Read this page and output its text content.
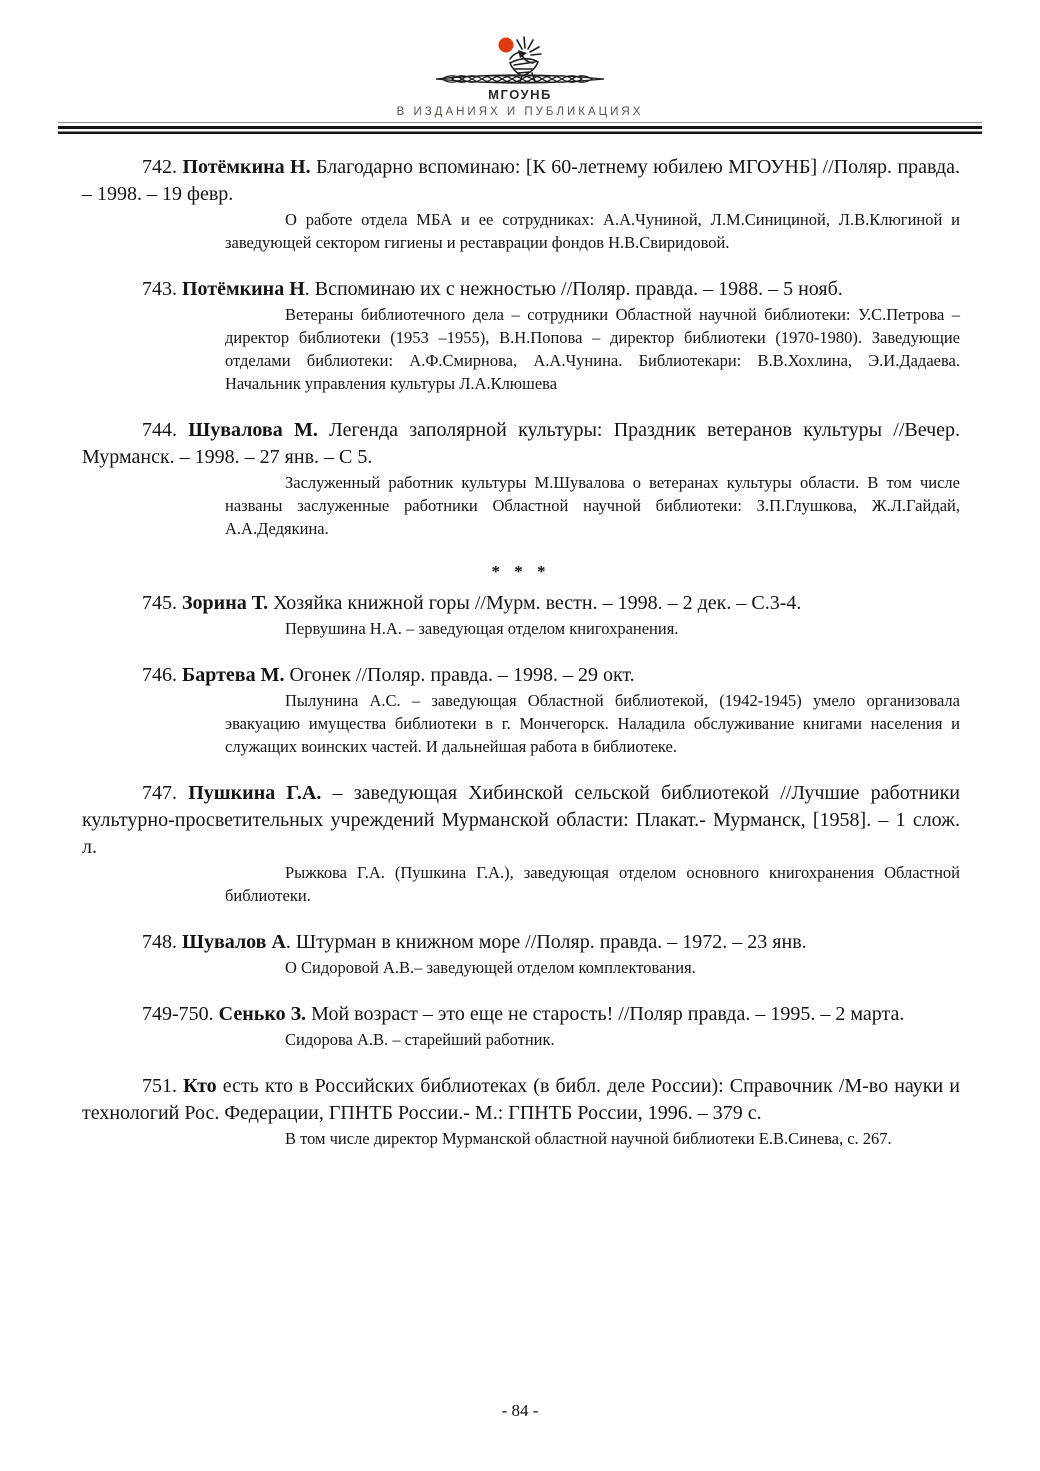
МГОУНБ
В ИЗДАНИЯХ И ПУБЛИКАЦИЯХ

742. Потёмкина Н. Благодарно вспоминаю: [К 60-летнему юбилею МГОУНБ] //Поляр. правда. – 1998. – 19 февр.

О работе отдела МБА и ее сотрудниках: А.А.Чуниной, Л.М.Синициной, Л.В.Клюгиной и заведующей сектором гигиены и реставрации фондов Н.В.Свиридовой.

743. Потёмкина Н. Вспоминаю их с нежностью //Поляр. правда. – 1988. – 5 нояб.

Ветераны библиотечного дела – сотрудники Областной научной библиотеки: У.С.Петрова – директор библиотеки (1953 –1955), В.Н.Попова – директор библиотеки (1970-1980). Заведующие отделами библиотеки: А.Ф.Смирнова, А.А.Чунина. Библиотекари: В.В.Хохлина, Э.И.Дадаева. Начальник управления культуры Л.А.Клюшева

744. Шувалова М. Легенда заполярной культуры: Праздник ветеранов культуры //Вечер. Мурманск. – 1998. – 27 янв. – С 5.

Заслуженный работник культуры М.Шувалова о ветеранах культуры области. В том числе названы заслуженные работники Областной научной библиотеки: З.П.Глушкова, Ж.Л.Гайдай, А.А.Дедякина.

* * *

745. Зорина Т. Хозяйка книжной горы //Мурм. вестн. – 1998. – 2 дек. – С.3-4.

Первушина Н.А. – заведующая отделом книгохранения.

746. Бартева М. Огонек //Поляр. правда. – 1998. – 29 окт.

Пылунина А.С. – заведующая Областной библиотекой, (1942-1945) умело организовала эвакуацию имущества библиотеки в г. Мончегорск. Наладила обслуживание книгами населения и служащих воинских частей. И дальнейшая работа в библиотеке.

747. Пушкина Г.А. – заведующая Хибинской сельской библиотекой //Лучшие работники культурно-просветительных учреждений Мурманской области: Плакат.- Мурманск, [1958]. – 1 слож. л.

Рыжкова Г.А. (Пушкина Г.А.), заведующая отделом основного книгохранения Областной библиотеки.

748. Шувалов А. Штурман в книжном море //Поляр. правда. – 1972. – 23 янв.

О Сидоровой А.В.– заведующей отделом комплектования.

749-750. Сенько З. Мой возраст – это еще не старость! //Поляр правда. – 1995. – 2 марта.

Сидорова А.В. – старейший работник.

751. Кто есть кто в Российских библиотеках (в библ. деле России): Справочник /М-во науки и технологий Рос. Федерации, ГПНТБ России.- М.: ГПНТБ России, 1996. – 379 с.

В том числе директор Мурманской областной научной библиотеки Е.В.Синева, с. 267.

- 84 -
